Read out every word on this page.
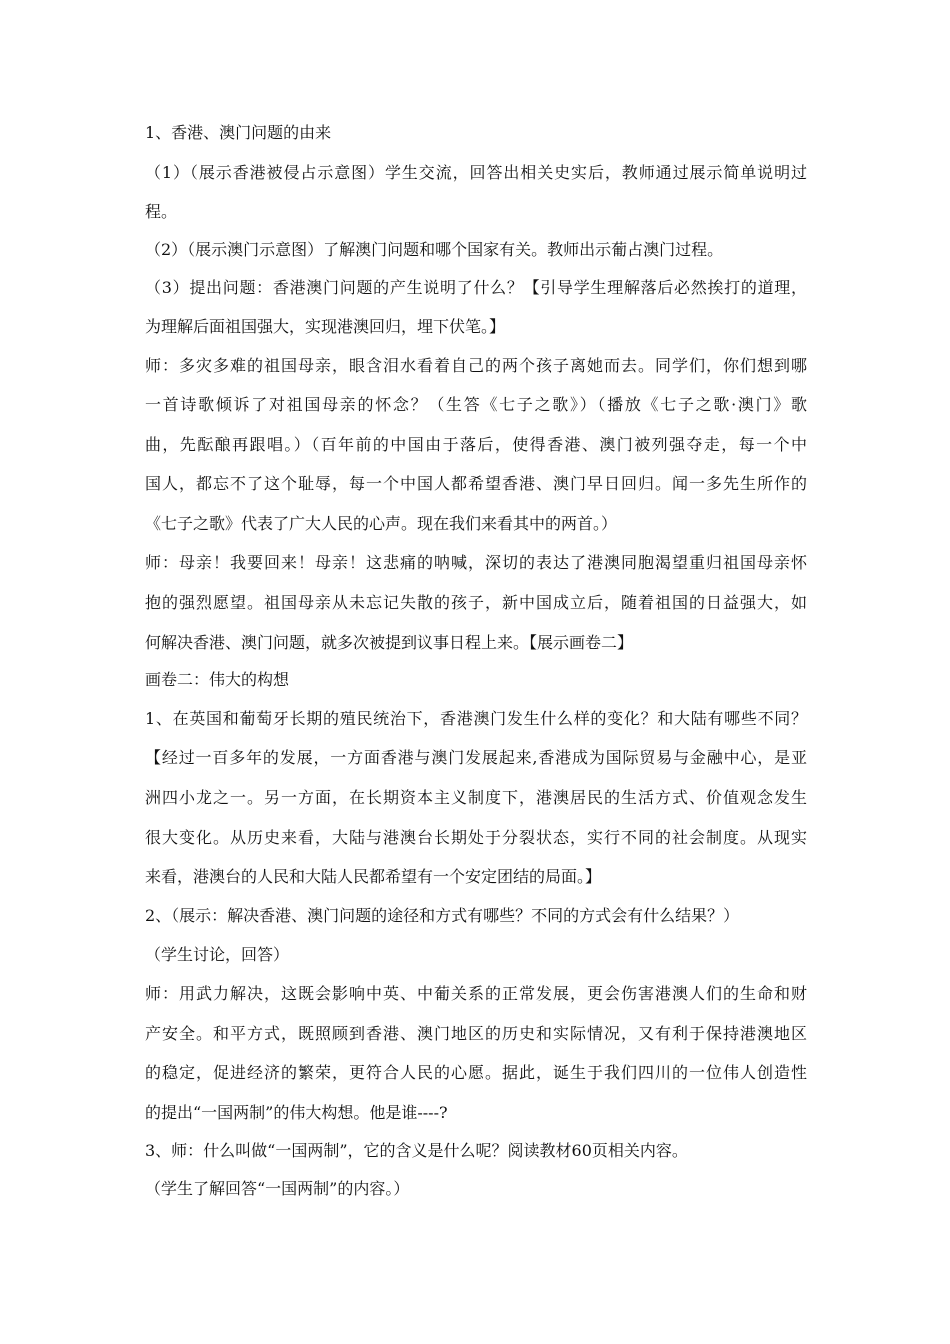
1、香港、澳门问题的由来
（1）（展示香港被侵占示意图）学生交流，回答出相关史实后，教师通过展示简单说明过
程。
（2）（展示澳门示意图）了解澳门问题和哪个国家有关。教师出示葡占澳门过程。
（3）提出问题：香港澳门问题的产生说明了什么？【引导学生理解落后必然挨打的道理，
为理解后面祖国强大，实现港澳回归，埋下伏笔。】
师：多灾多难的祖国母亲，眼含泪水看着自己的两个孩子离她而去。同学们，你们想到哪
一首诗歌倾诉了对祖国母亲的怀念？（生答《七子之歌》）（播放《七子之歌·澳门》歌
曲，先酝酿再跟唱。）（百年前的中国由于落后，使得香港、澳门被列强夺走，每一个中
国人，都忘不了这个耻辱，每一个中国人都希望香港、澳门早日回归。闻一多先生所作的
《七子之歌》代表了广大人民的心声。现在我们来看其中的两首。）
师：母亲！我要回来！母亲！这悲痛的呐喊，深切的表达了港澳同胞渴望重归祖国母亲怀
抱的强烈愿望。祖国母亲从未忘记失散的孩子，新中国成立后，随着祖国的日益强大，如
何解决香港、澳门问题，就多次被提到议事日程上来。【展示画卷二】
画卷二：伟大的构想
1、在英国和葡萄牙长期的殖民统治下，香港澳门发生什么样的变化？和大陆有哪些不同？
【经过一百多年的发展，一方面香港与澳门发展起来,香港成为国际贸易与金融中心，是亚
洲四小龙之一。另一方面，在长期资本主义制度下，港澳居民的生活方式、价值观念发生
很大变化。从历史来看，大陆与港澳台长期处于分裂状态，实行不同的社会制度。从现实
来看，港澳台的人民和大陆人民都希望有一个安定团结的局面。】
2、（展示：解决香港、澳门问题的途径和方式有哪些？不同的方式会有什么结果？）
（学生讨论，回答）
师：用武力解决，这既会影响中英、中葡关系的正常发展，更会伤害港澳人们的生命和财
产安全。和平方式，既照顾到香港、澳门地区的历史和实际情况，又有利于保持港澳地区
的稳定，促进经济的繁荣，更符合人民的心愿。据此，诞生于我们四川的一位伟人创造性
的提出“一国两制”的伟大构想。他是谁----?
3、师：什么叫做“一国两制”，它的含义是什么呢？阅读教材60页相关内容。
（学生了解回答“一国两制”的内容。）
